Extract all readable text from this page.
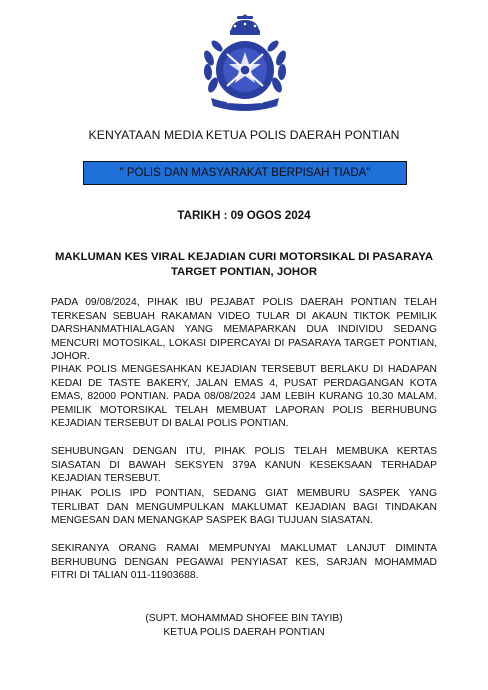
KENYATAAN MEDIA KETUA POLIS DAERAH PONTIAN
" POLIS DAN MASYARAKAT BERPISAH TIADA"
TARIKH : 09 OGOS 2024
MAKLUMAN KES VIRAL KEJADIAN CURI MOTORSIKAL DI PASARAYA
TARGET PONTIAN, JOHOR
PADA 09/08/2024, PIHAK IBU PEJABAT POLIS DAERAH PONTIAN TELAH TERKESAN SEBUAH RAKAMAN VIDEO TULAR DI AKAUN TIKTOK PEMILIK DARSHANMATHIALAGAN YANG MEMAPARKAN DUA INDIVIDU SEDANG MENCURI MOTOSIKAL, LOKASI DIPERCAYAI DI PASARAYA TARGET PONTIAN, JOHOR.
PIHAK POLIS MENGESAHKAN KEJADIAN TERSEBUT BERLAKU DI HADAPAN KEDAI DE TASTE BAKERY, JALAN EMAS 4, PUSAT PERDAGANGAN KOTA EMAS, 82000 PONTIAN. PADA 08/08/2024 JAM LEBIH KURANG 10.30 MALAM. PEMILIK MOTORSIKAL TELAH MEMBUAT LAPORAN POLIS BERHUBUNG KEJADIAN TERSEBUT DI BALAI POLIS PONTIAN.
SEHUBUNGAN DENGAN ITU, PIHAK POLIS TELAH MEMBUKA KERTAS SIASATAN DI BAWAH SEKSYEN 379A KANUN KESEKSAAN TERHADAP KEJADIAN TERSEBUT.
PIHAK POLIS IPD PONTIAN, SEDANG GIAT MEMBURU SASPEK YANG TERLIBAT DAN MENGUMPULKAN MAKLUMAT KEJADIAN BAGI TINDAKAN MENGESAN DAN MENANGKAP SASPEK BAGI TUJUAN SIASATAN.
SEKIRANYA ORANG RAMAI MEMPUNYAI MAKLUMAT LANJUT DIMINTA BERHUBUNG DENGAN PEGAWAI PENYIASAT KES, SARJAN MOHAMMAD FITRI DI TALIAN 011-11903688.
(SUPT. MOHAMMAD SHOFEE BIN TAYIB)
KETUA POLIS DAERAH PONTIAN
